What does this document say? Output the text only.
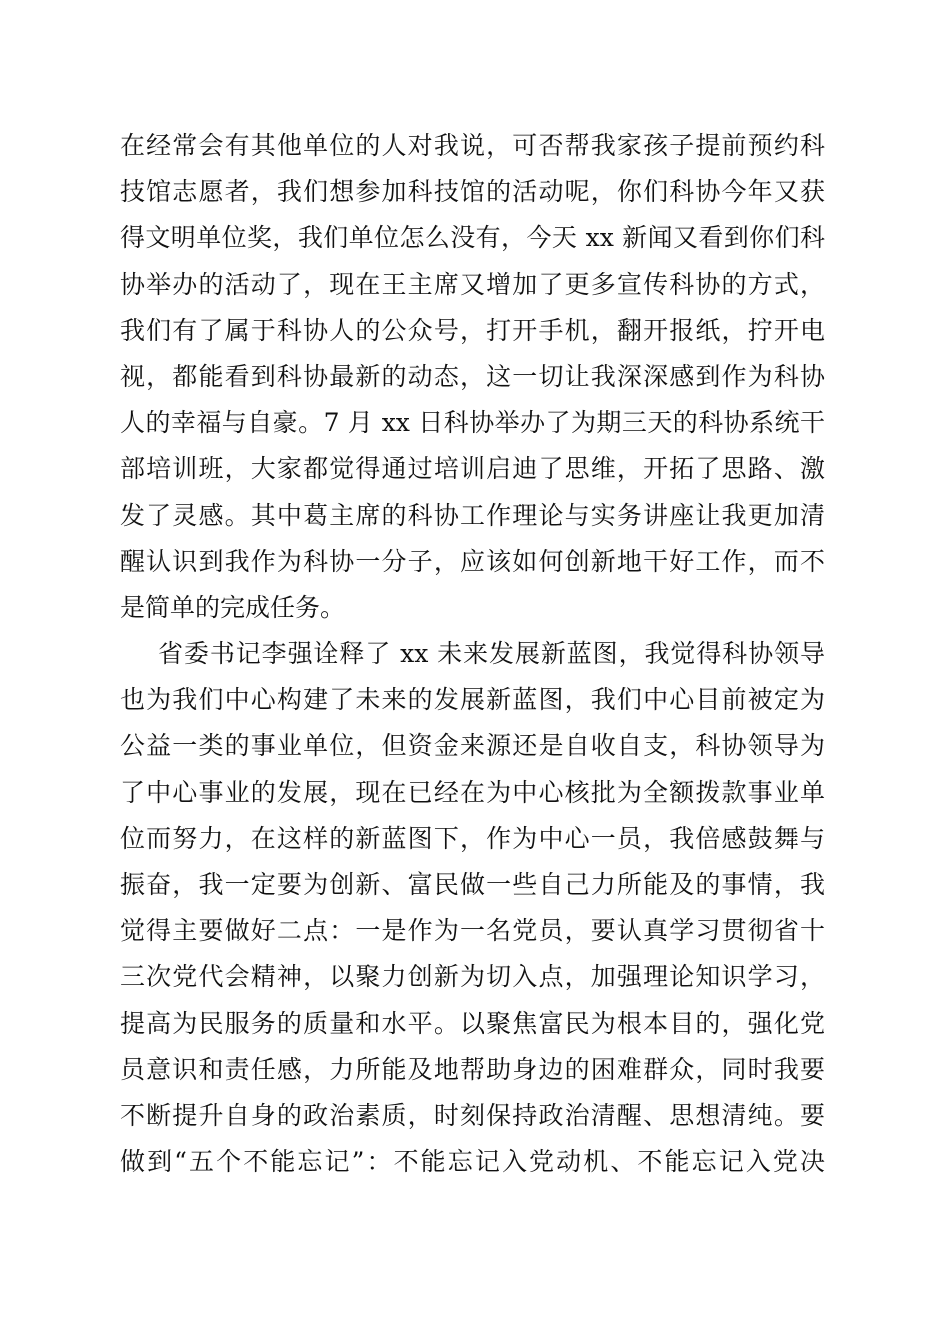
在经常会有其他单位的人对我说，可否帮我家孩子提前预约科
技馆志愿者，我们想参加科技馆的活动呢，你们科协今年又获
得文明单位奖，我们单位怎么没有，今天 xx 新闻又看到你们科
协举办的活动了，现在王主席又增加了更多宣传科协的方式，
我们有了属于科协人的公众号，打开手机，翻开报纸，拧开电
视，都能看到科协最新的动态，这一切让我深深感到作为科协
人的幸福与自豪。7 月 xx 日科协举办了为期三天的科协系统干
部培训班，大家都觉得通过培训启迪了思维，开拓了思路、激
发了灵感。其中葛主席的科协工作理论与实务讲座让我更加清
醒认识到我作为科协一分子，应该如何创新地干好工作，而不
是简单的完成任务。
省委书记李强诠释了 xx 未来发展新蓝图，我觉得科协领导
也为我们中心构建了未来的发展新蓝图，我们中心目前被定为
公益一类的事业单位，但资金来源还是自收自支，科协领导为
了中心事业的发展，现在已经在为中心核批为全额拨款事业单
位而努力，在这样的新蓝图下，作为中心一员，我倍感鼓舞与
振奋，我一定要为创新、富民做一些自己力所能及的事情，我
觉得主要做好二点：一是作为一名党员，要认真学习贯彻省十
三次党代会精神，以聚力创新为切入点，加强理论知识学习，
提高为民服务的质量和水平。以聚焦富民为根本目的，强化党
员意识和责任感，力所能及地帮助身边的困难群众，同时我要
不断提升自身的政治素质，时刻保持政治清醒、思想清纯。要
做到“五个不能忘记”：不能忘记入党动机、不能忘记入党决
